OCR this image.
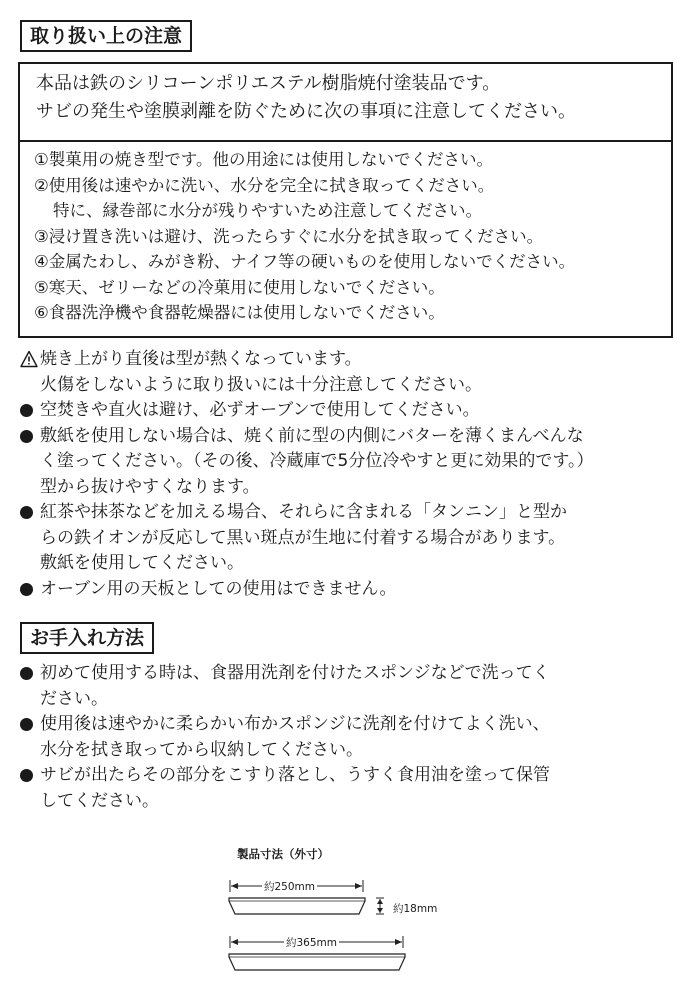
取り扱い上の注意
本品は鉄のシリコーンポリエステル樹脂焼付塗装品です。
サビの発生や塗膜剥離を防ぐために次の事項に注意してください。
①製菓用の焼き型です。他の用途には使用しないでください。
②使用後は速やかに洗い、水分を完全に拭き取ってください。
特に、縁巻部に水分が残りやすいため注意してください。
③浸け置き洗いは避け、洗ったらすぐに水分を拭き取ってください。
④金属たわし、みがき粉、ナイフ等の硬いものを使用しないでください。
⑤寒天、ゼリーなどの冷菓用に使用しないでください。
⑥食器洗浄機や食器乾燥器には使用しないでください。
焼き上がり直後は型が熱くなっています。
火傷をしないように取り扱いには十分注意してください。
空焚きや直火は避け、必ずオーブンで使用してください。
敷紙を使用しない場合は、焼く前に型の内側にバターを薄くまんべんな
く塗ってください。（その後、冷蔵庫で5分位冷やすと更に効果的です。）
型から抜けやすくなります。
紅茶や抹茶などを加える場合、それらに含まれる「タンニン」と型か
らの鉄イオンが反応して黒い斑点が生地に付着する場合があります。
敷紙を使用してください。
オーブン用の天板としての使用はできません。
お手入れ方法
初めて使用する時は、食器用洗剤を付けたスポンジなどで洗ってく
ださい。
使用後は速やかに柔らかい布かスポンジに洗剤を付けてよく洗い、
水分を拭き取ってから収納してください。
サビが出たらその部分をこすり落とし、うすく食用油を塗って保管
してください。
製品寸法（外寸）
約250mm
約18mm
約365mm
